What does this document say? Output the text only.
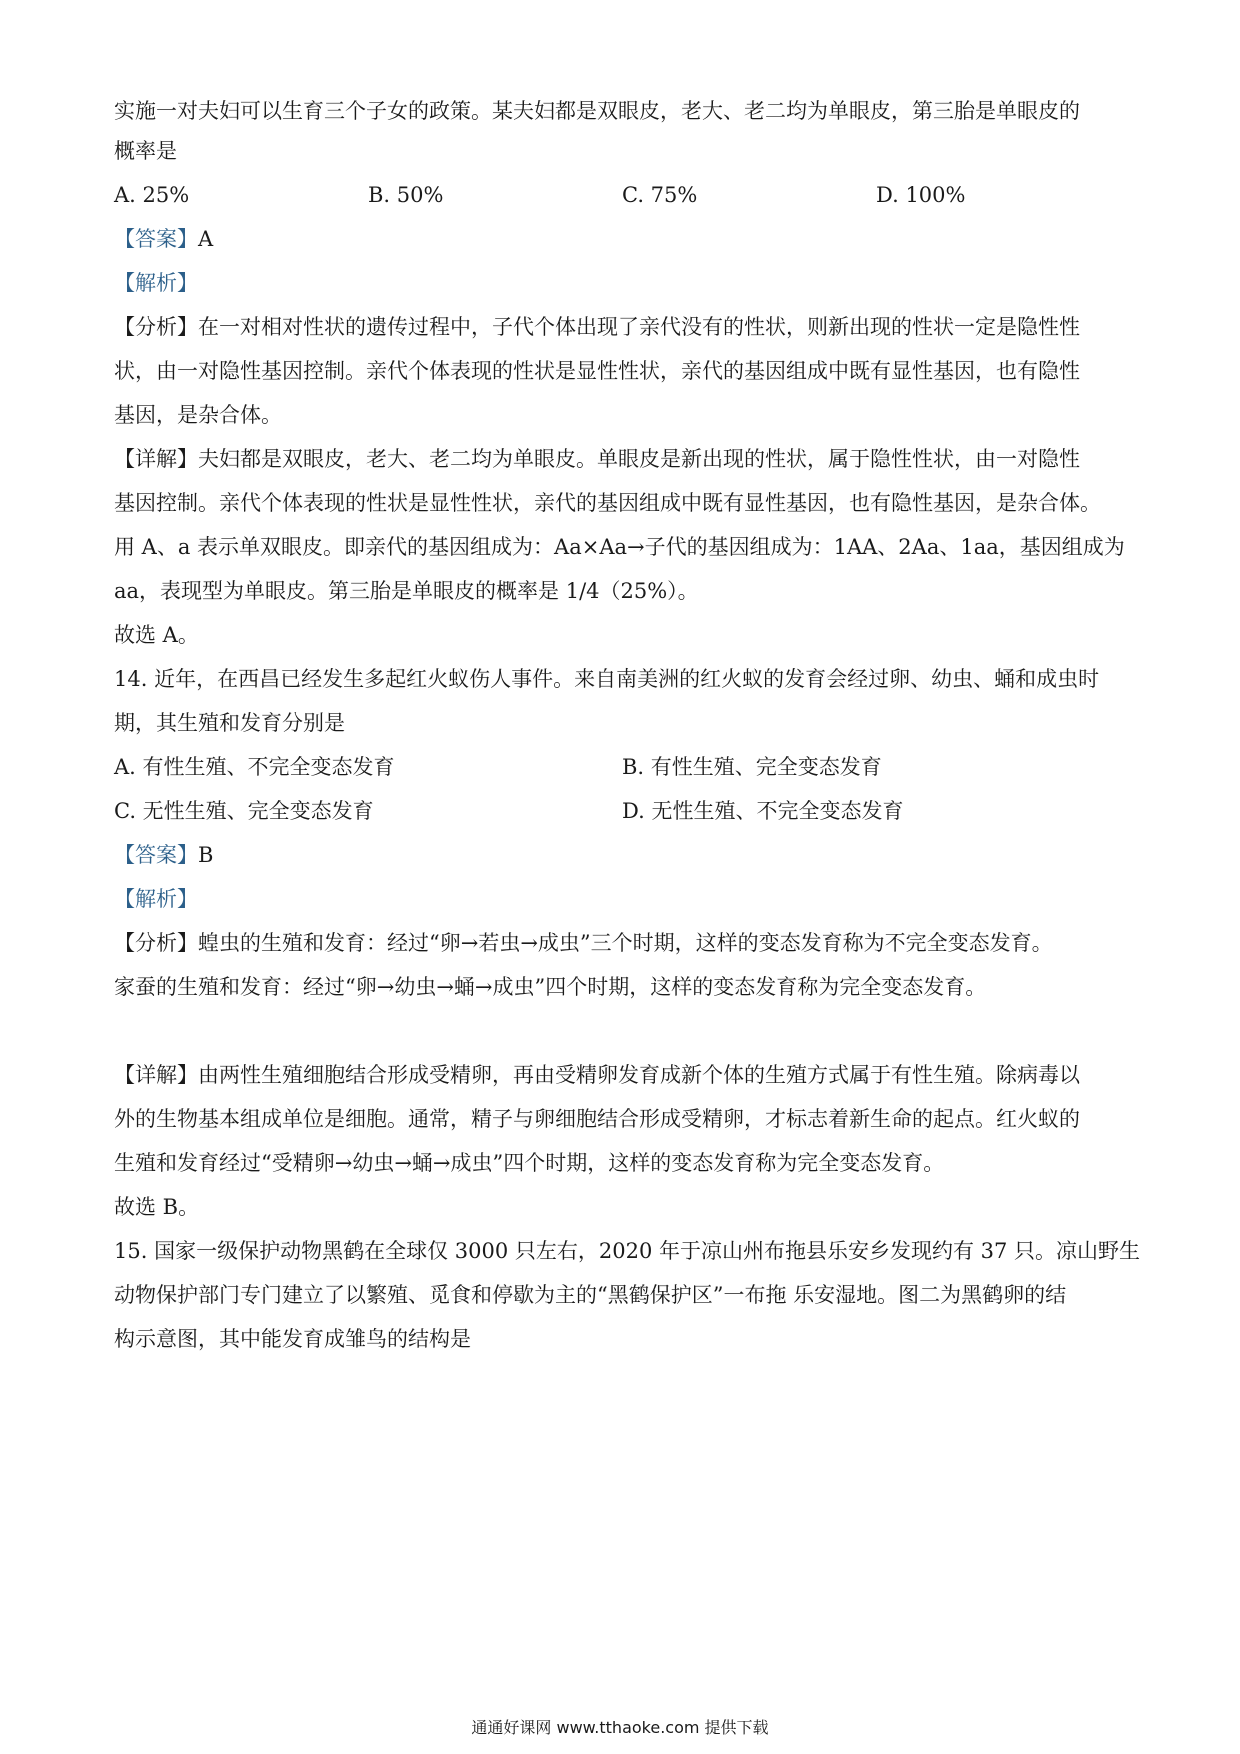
实施一对夫妇可以生育三个子女的政策。某夫妇都是双眼皮，老大、老二均为单眼皮，第三胎是单眼皮的
概率是
A. 25%	B. 50%	C. 75%	D. 100%
【答案】A
【解析】
【分析】在一对相对性状的遗传过程中，子代个体出现了亲代没有的性状，则新出现的性状一定是隐性性
状，由一对隐性基因控制。亲代个体表现的性状是显性性状，亲代的基因组成中既有显性基因，也有隐性
基因，是杂合体。
【详解】夫妇都是双眼皮，老大、老二均为单眼皮。单眼皮是新出现的性状，属于隐性性状，由一对隐性
基因控制。亲代个体表现的性状是显性性状，亲代的基因组成中既有显性基因，也有隐性基因，是杂合体。
用 A、a 表示单双眼皮。即亲代的基因组成为：Aa×Aa→子代的基因组成为：1AA、2Aa、1aa，基因组成为
aa，表现型为单眼皮。第三胎是单眼皮的概率是 1/4（25%）。
故选 A。
14. 近年，在西昌已经发生多起红火蚁伤人事件。来自南美洲的红火蚁的发育会经过卵、幼虫、蛹和成虫时
期，其生殖和发育分别是
A. 有性生殖、不完全变态发育	B. 有性生殖、完全变态发育
C. 无性生殖、完全变态发育	D. 无性生殖、不完全变态发育
【答案】B
【解析】
【分析】蝗虫的生殖和发育：经过“卵→若虫→成虫”三个时期，这样的变态发育称为不完全变态发育。
家蚕的生殖和发育：经过“卵→幼虫→蛹→成虫”四个时期，这样的变态发育称为完全变态发育。
【详解】由两性生殖细胞结合形成受精卵，再由受精卵发育成新个体的生殖方式属于有性生殖。除病毒以
外的生物基本组成单位是细胞。通常，精子与卵细胞结合形成受精卵，才标志着新生命的起点。红火蚁的
生殖和发育经过“受精卵→幼虫→蛹→成虫”四个时期，这样的变态发育称为完全变态发育。
故选 B。
15. 国家一级保护动物黑鹤在全球仅 3000 只左右，2020 年于凉山州布拖县乐安乡发现约有 37 只。凉山野生
动物保护部门专门建立了以繁殖、觅食和停歇为主的“黑鹤保护区”一布拖 乐安湿地。图二为黑鹤卵的结
构示意图，其中能发育成雏鸟的结构是
通通好课网 www.tthaoke.com 提供下载
